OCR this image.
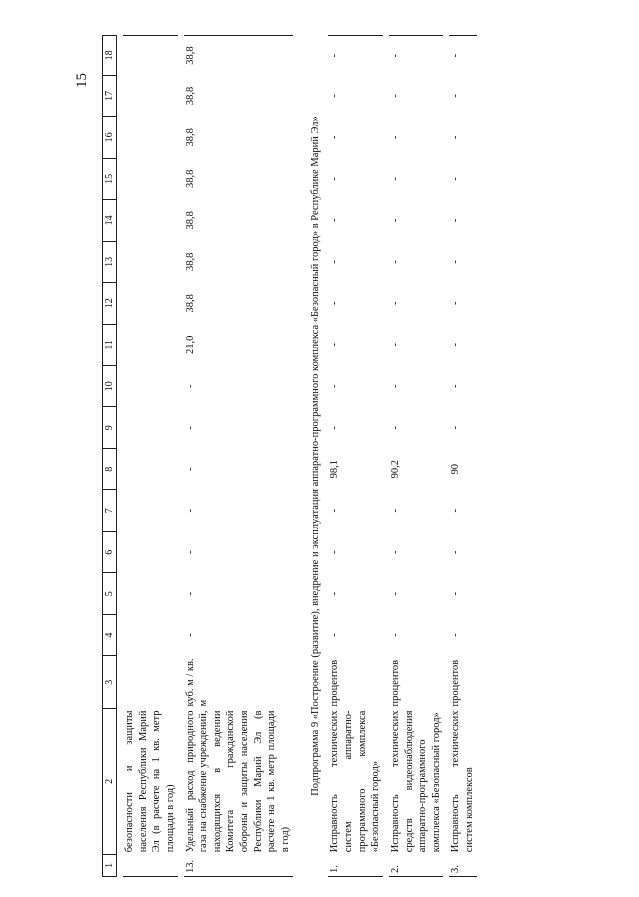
15
1	2	3	4	5	6	7	8	9	10	11	12	13	14	15	16	17	18

	безопасности и защиты населения Республики Марий Эл (в расчете на 1 кв. метр площади в год)																

13.	Удельный расход природного газа на снабжение учреждений, находящихся в ведении Комитета гражданской обороны и защиты населения Республики Марий Эл (в расчете на 1 кв. метр площади в год)	куб. м / кв. м	-	-	-	-	-	-	-	21,0	38,8	38,8	38,8	38,8	38,8	38,8	38,8

Подпрограмма 9 «Построение (развитие), внедрение и эксплуатация аппаратно-программного комплекса «Безопасный город» в Республике Марий Эл»																	
1.	Исправность технических систем аппаратно-программного комплекса «Безопасный город»	процентов	-	-	-	-	98,1	-	-	-	-	-	-	-	-	-	-

2.	Исправность технических средств видеонаблюдения аппаратно-программного комплекса «Безопасный город»	процентов	-	-	-	-	90,2	-	-	-	-	-	-	-	-	-	-

3.	Исправность технических систем комплексов	процентов	-	-	-	-	90	-	-	-	-	-	-	-	-	-	-
